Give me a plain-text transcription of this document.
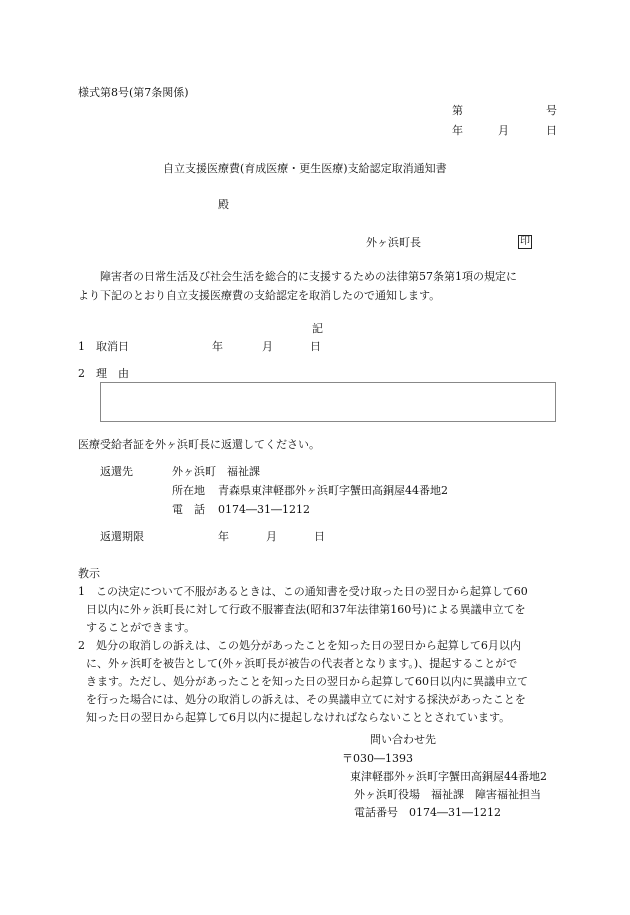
様式第8号(第7条関係)
第	号
年	月	日
自立支援医療費(育成医療・更生医療)支給認定取消通知書
殿
外ヶ浜町長	印
障害者の日常生活及び社会生活を総合的に支援するための法律第57条第1項の規定に
より下記のとおり自立支援医療費の支給認定を取消したので通知します。
記
1 取消日	年	月	日
2 理　由
医療受給者証を外ヶ浜町長に返還してください。
返還先	外ヶ浜町　福祉課
所在地 青森県東津軽郡外ヶ浜町字蟹田高銅屋44番地2
電　話 0174―31―1212
返還期限	年	月	日
教示
1 この決定について不服があるときは、この通知書を受け取った日の翌日から起算して60
日以内に外ヶ浜町長に対して行政不服審査法(昭和37年法律第160号)による異議申立てを
することができます。
2 処分の取消しの訴えは、この処分があったことを知った日の翌日から起算して6月以内
に、外ヶ浜町を被告として(外ヶ浜町長が被告の代表者となります。)、提起することがで
きます。ただし、処分があったことを知った日の翌日から起算して60日以内に異議申立て
を行った場合には、処分の取消しの訴えは、その異議申立てに対する採決があったことを
知った日の翌日から起算して6月以内に提起しなければならないこととされています。
問い合わせ先
〒030―1393
東津軽郡外ヶ浜町字蟹田高銅屋44番地2
外ヶ浜町役場　福祉課　障害福祉担当
電話番号　0174―31―1212
